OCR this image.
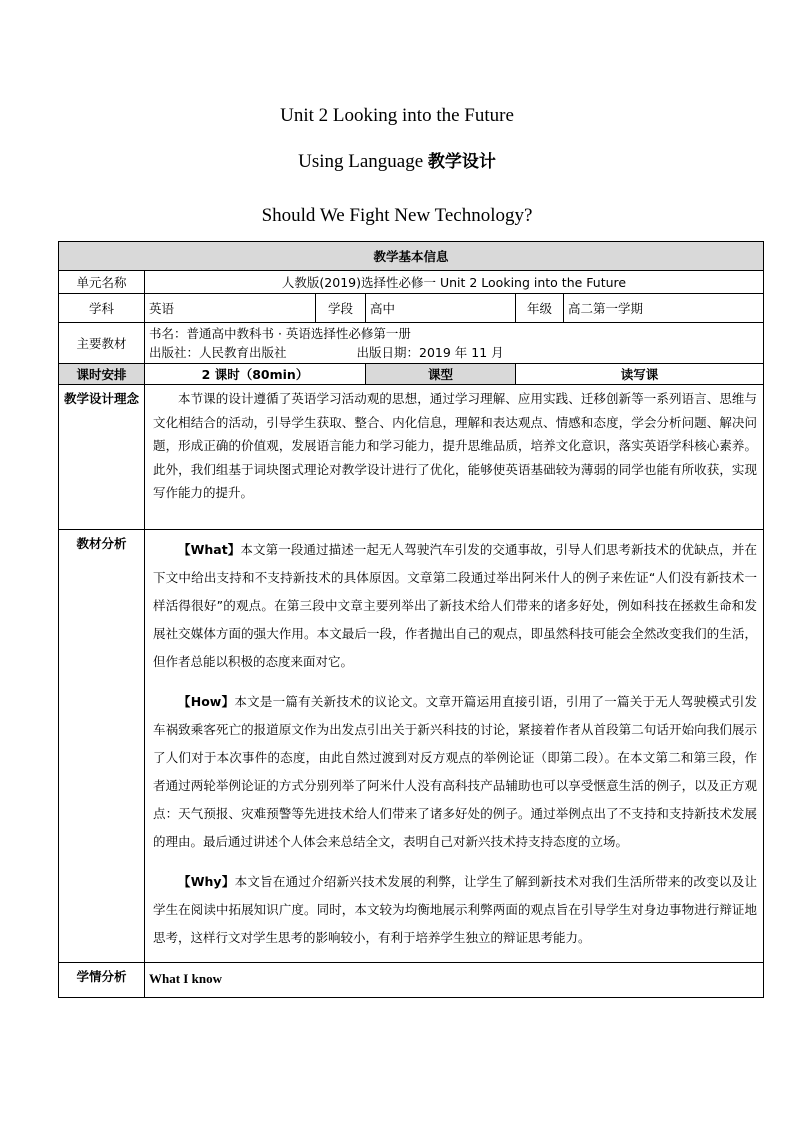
Unit 2 Looking into the Future
Using Language 教学设计
Should We Fight New Technology?
教学基本信息					
单元名称	人教版(2019)选择性必修一 Unit 2 Looking into the Future				
学科	英语	学段	高中	年级	高二第一学期
主要教材	书名：普通高中教科书 · 英语选择性必修第一册
出版社：人民教育出版社 出版日期：2019 年 11 月				

课时安排	2 课时（80min）		课型	读写课	
教学设计理念	本节课的设计遵循了英语学习活动观的思想，通过学习理解、应用实践、迁移创新等一系列语言、思维与文化相结合的活动，引导学生获取、整合、内化信息，理解和表达观点、情感和态度，学会分析问题、解决问题，形成正确的价值观，发展语言能力和学习能力，提升思维品质，培养文化意识，落实英语学科核心素养。此外，我们组基于词块图式理论对教学设计进行了优化，能够使英语基础较为薄弱的同学也能有所收获，实现写作能力的提升。				

教材分析	【What】本文第一段通过描述一起无人驾驶汽车引发的交通事故，引导人们思考新技术的优缺点，并在下文中给出支持和不支持新技术的具体原因。文章第二段通过举出阿米什人的例子来佐证“人们没有新技术一样活得很好”的观点。在第三段中文章主要列举出了新技术给人们带来的诸多好处，例如科技在拯救生命和发展社交媒体方面的强大作用。本文最后一段，作者抛出自己的观点，即虽然科技可能会全然改变我们的生活，但作者总能以积极的态度来面对它。

【How】本文是一篇有关新技术的议论文。文章开篇运用直接引语，引用了一篇关于无人驾驶模式引发车祸致乘客死亡的报道原文作为出发点引出关于新兴科技的讨论，紧接着作者从首段第二句话开始向我们展示了人们对于本次事件的态度，由此自然过渡到对反方观点的举例论证（即第二段）。在本文第二和第三段，作者通过两轮举例论证的方式分别列举了阿米什人没有高科技产品辅助也可以享受惬意生活的例子，以及正方观点：天气预报、灾难预警等先进技术给人们带来了诸多好处的例子。通过举例点出了不支持和支持新技术发展的理由。最后通过讲述个人体会来总结全文，表明自己对新兴技术持支持态度的立场。

【Why】本文旨在通过介绍新兴技术发展的利弊，让学生了解到新技术对我们生活所带来的改变以及让学生在阅读中拓展知识广度。同时，本文较为均衡地展示利弊两面的观点旨在引导学生对身边事物进行辩证地思考，这样行文对学生思考的影响较小，有利于培养学生独立的辩证思考能力。				

学情分析	What I know				
